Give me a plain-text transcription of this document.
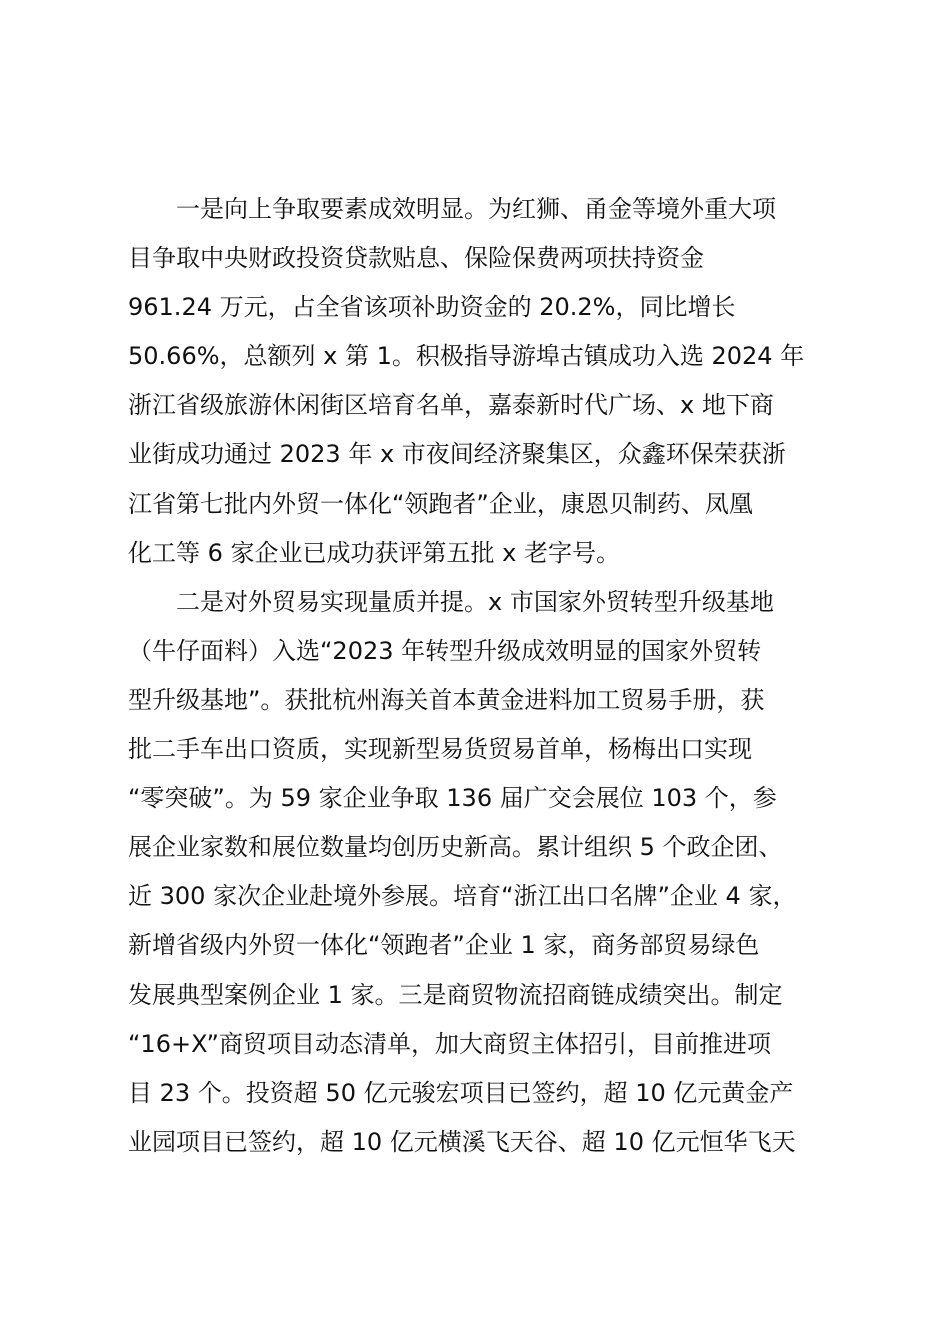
一是向上争取要素成效明显。为红狮、甬金等境外重大项
目争取中央财政投资贷款贴息、保险保费两项扶持资金
961.24 万元，占全省该项补助资金的 20.2%，同比增长
50.66%，总额列 x 第 1。积极指导游埠古镇成功入选 2024 年
浙江省级旅游休闲街区培育名单，嘉泰新时代广场、x 地下商
业街成功通过 2023 年 x 市夜间经济聚集区，众鑫环保荣获浙
江省第七批内外贸一体化“领跑者”企业，康恩贝制药、凤凰
化工等 6 家企业已成功获评第五批 x 老字号。
二是对外贸易实现量质并提。x 市国家外贸转型升级基地
（牛仔面料）入选“2023 年转型升级成效明显的国家外贸转
型升级基地”。获批杭州海关首本黄金进料加工贸易手册，获
批二手车出口资质，实现新型易货贸易首单，杨梅出口实现
“零突破”。为 59 家企业争取 136 届广交会展位 103 个，参
展企业家数和展位数量均创历史新高。累计组织 5 个政企团、
近 300 家次企业赴境外参展。培育“浙江出口名牌”企业 4 家，
新增省级内外贸一体化“领跑者”企业 1 家，商务部贸易绿色
发展典型案例企业 1 家。三是商贸物流招商链成绩突出。制定
“16+X”商贸项目动态清单，加大商贸主体招引，目前推进项
目 23 个。投资超 50 亿元骏宏项目已签约，超 10 亿元黄金产
业园项目已签约，超 10 亿元横溪飞天谷、超 10 亿元恒华飞天
